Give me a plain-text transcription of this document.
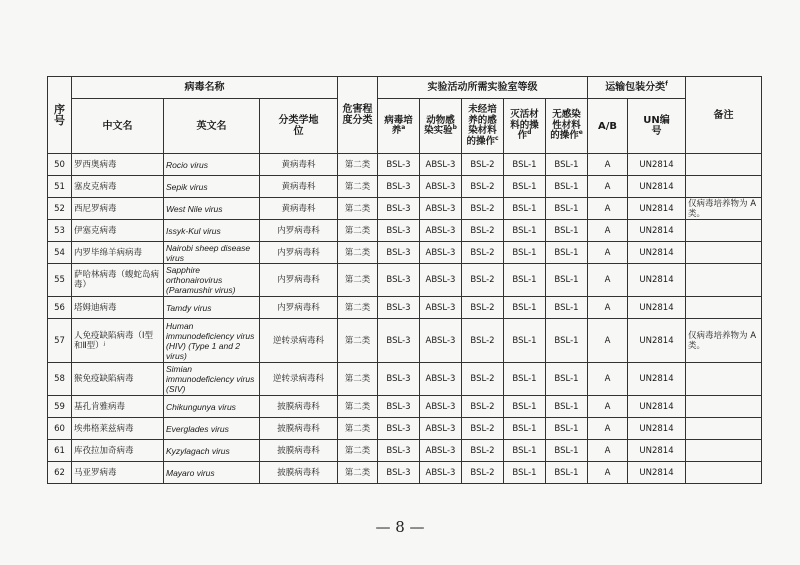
序号	病毒名称			危害程度分类	实验活动所需实验室等级					运输包装分类$^f$		备注
	中文名	英文名	分类学地位		病毒培养$^a$	动物感染实验$^b$	未经培养的感染材料的操作$^c$	灭活材料的操作$^d$	无感染性材料的操作$^e$	A/B	UN编号	
50	罗西奥病毒	Rocio virus	黄病毒科	第二类	BSL-3	ABSL-3	BSL-2	BSL-1	BSL-1	A	UN2814	
51	塞皮克病毒	Sepik virus	黄病毒科	第二类	BSL-3	ABSL-3	BSL-2	BSL-1	BSL-1	A	UN2814	
52	西尼罗病毒	West Nile virus	黄病毒科	第二类	BSL-3	ABSL-3	BSL-2	BSL-1	BSL-1	A	UN2814	仅病毒培养物为 A 类。
53	伊塞克病毒	Issyk-Kul virus	内罗病毒科	第二类	BSL-3	ABSL-3	BSL-2	BSL-1	BSL-1	A	UN2814	
54	内罗毕绵羊病病毒	Nairobi sheep disease virus	内罗病毒科	第二类	BSL-3	ABSL-3	BSL-2	BSL-1	BSL-1	A	UN2814	
55	萨哈林病毒（蝮蛇岛病毒）	Sapphire orthonairovirus (Paramushir virus)	内罗病毒科	第二类	BSL-3	ABSL-3	BSL-2	BSL-1	BSL-1	A	UN2814	
56	塔姆迪病毒	Tamdy virus	内罗病毒科	第二类	BSL-3	ABSL-3	BSL-2	BSL-1	BSL-1	A	UN2814	
57	人免疫缺陷病毒（Ⅰ型和Ⅱ型）ʲ	Human immunodeficiency virus (HIV) (Type 1 and 2 virus)	逆转录病毒科	第二类	BSL-3	ABSL-3	BSL-2	BSL-1	BSL-1	A	UN2814	仅病毒培养物为 A 类。
58	猴免疫缺陷病毒	Simian immunodeficiency virus (SIV)	逆转录病毒科	第二类	BSL-3	ABSL-3	BSL-2	BSL-1	BSL-1	A	UN2814	
59	基孔肯雅病毒	Chikungunya virus	披膜病毒科	第二类	BSL-3	ABSL-3	BSL-2	BSL-1	BSL-1	A	UN2814	
60	埃弗格莱兹病毒	Everglades virus	披膜病毒科	第二类	BSL-3	ABSL-3	BSL-2	BSL-1	BSL-1	A	UN2814	
61	库孜拉加奇病毒	Kyzylagach virus	披膜病毒科	第二类	BSL-3	ABSL-3	BSL-2	BSL-1	BSL-1	A	UN2814	
62	马亚罗病毒	Mayaro virus	披膜病毒科	第二类	BSL-3	ABSL-3	BSL-2	BSL-1	BSL-1	A	UN2814	
— 8 —
